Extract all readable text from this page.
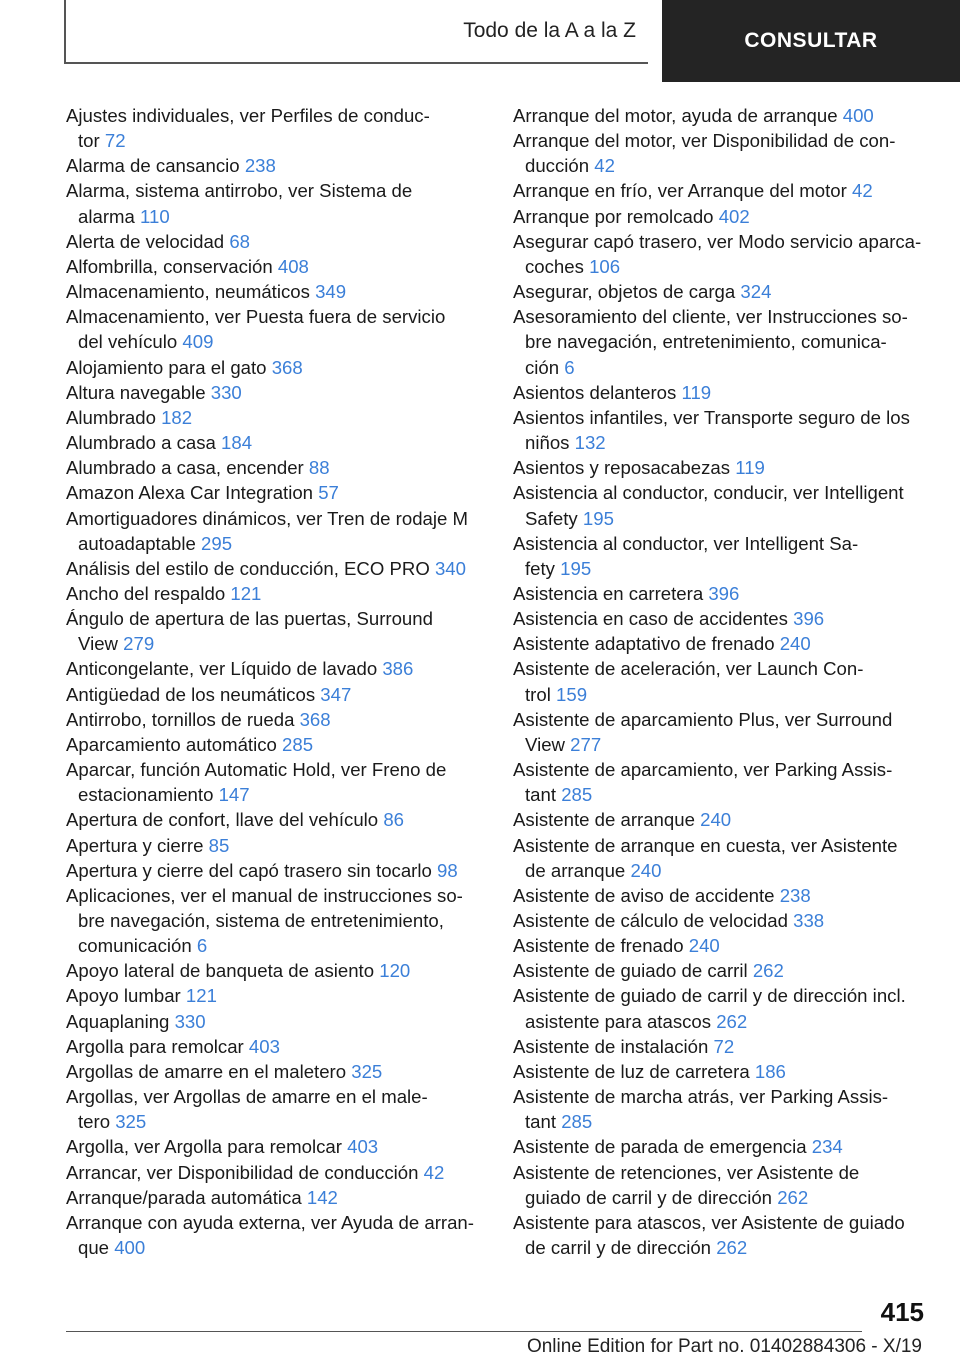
Todo de la A a la Z	CONSULTAR

Ajustes individuales, ver Perfiles de conduc-
tor 72

Alarma de cansancio 238

Alarma, sistema antirrobo, ver Sistema de
alarma 110

Alerta de velocidad 68

Alfombrilla, conservación 408

Almacenamiento, neumáticos 349

Almacenamiento, ver Puesta fuera de servicio
del vehículo 409

Alojamiento para el gato 368

Altura navegable 330

Alumbrado 182

Alumbrado a casa 184

Alumbrado a casa, encender 88

Amazon Alexa Car Integration 57

Amortiguadores dinámicos, ver Tren de rodaje M
autoadaptable 295

Análisis del estilo de conducción, ECO PRO 340

Ancho del respaldo 121

Ángulo de apertura de las puertas, Surround
View 279

Anticongelante, ver Líquido de lavado 386

Antigüedad de los neumáticos 347

Antirrobo, tornillos de rueda 368

Aparcamiento automático 285

Aparcar, función Automatic Hold, ver Freno de
estacionamiento 147

Apertura de confort, llave del vehículo 86

Apertura y cierre 85

Apertura y cierre del capó trasero sin tocarlo 98

Aplicaciones, ver el manual de instrucciones so-
bre navegación, sistema de entretenimiento,
comunicación 6

Apoyo lateral de banqueta de asiento 120

Apoyo lumbar 121

Aquaplaning 330

Argolla para remolcar 403

Argollas de amarre en el maletero 325

Argollas, ver Argollas de amarre en el male-
tero 325

Argolla, ver Argolla para remolcar 403

Arrancar, ver Disponibilidad de conducción 42

Arranque/parada automática 142

Arranque con ayuda externa, ver Ayuda de arran-
que 400

Arranque del motor, ayuda de arranque 400

Arranque del motor, ver Disponibilidad de con-
ducción 42

Arranque en frío, ver Arranque del motor 42

Arranque por remolcado 402

Asegurar capó trasero, ver Modo servicio aparca-
coches 106

Asegurar, objetos de carga 324

Asesoramiento del cliente, ver Instrucciones so-
bre navegación, entretenimiento, comunica-
ción 6

Asientos delanteros 119

Asientos infantiles, ver Transporte seguro de los
niños 132

Asientos y reposacabezas 119

Asistencia al conductor, conducir, ver Intelligent
Safety 195

Asistencia al conductor, ver Intelligent Sa-
fety 195

Asistencia en carretera 396

Asistencia en caso de accidentes 396

Asistente adaptativo de frenado 240

Asistente de aceleración, ver Launch Con-
trol 159

Asistente de aparcamiento Plus, ver Surround
View 277

Asistente de aparcamiento, ver Parking Assis-
tant 285

Asistente de arranque 240

Asistente de arranque en cuesta, ver Asistente
de arranque 240

Asistente de aviso de accidente 238

Asistente de cálculo de velocidad 338

Asistente de frenado 240

Asistente de guiado de carril 262

Asistente de guiado de carril y de dirección incl.
asistente para atascos 262

Asistente de instalación 72

Asistente de luz de carretera 186

Asistente de marcha atrás, ver Parking Assis-
tant 285

Asistente de parada de emergencia 234

Asistente de retenciones, ver Asistente de
guiado de carril y de dirección 262

Asistente para atascos, ver Asistente de guiado
de carril y de dirección 262

415
Online Edition for Part no. 01402884306 - X/19
